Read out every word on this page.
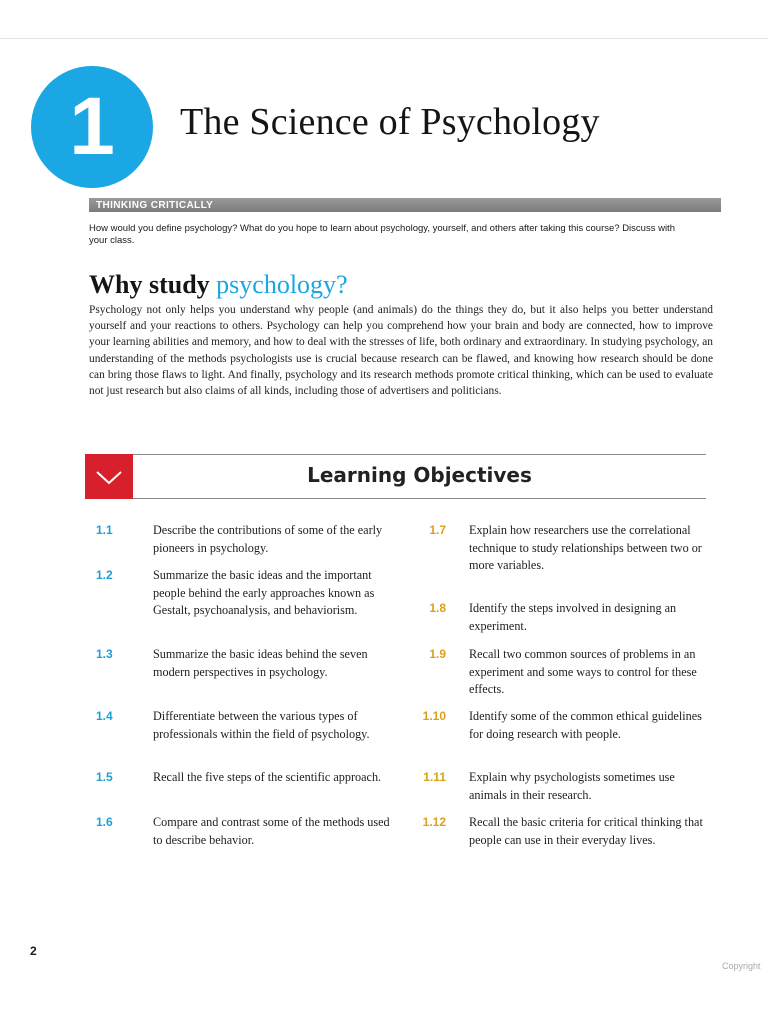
1 The Science of Psychology
THINKING CRITICALLY

How would you define psychology? What do you hope to learn about psychology, yourself, and others after taking this course? Discuss with your class.

Why study psychology?

Psychology not only helps you understand why people (and animals) do the things they do, but it also helps you better understand yourself and your reactions to others. Psychology can help you comprehend how your brain and body are connected, how to improve your learning abilities and memory, and how to deal with the stresses of life, both ordinary and extraordinary. In studying psychology, an understanding of the methods psychologists use is crucial because research can be flawed, and knowing how research should be done can bring those flaws to light. And finally, psychology and its research methods promote critical thinking, which can be used to evaluate not just research but also claims of all kinds, including those of advertisers and politicians.

Learning Objectives
1.1	Describe the contributions of some of the early pioneers in psychology.
1.2	Summarize the basic ideas and the important people behind the early approaches known as Gestalt, psychoanalysis, and behaviorism.
1.3	Summarize the basic ideas behind the seven modern perspectives in psychology.
1.4	Differentiate between the various types of professionals within the field of psychology.
1.5	Recall the five steps of the scientific approach.
1.6	Compare and contrast some of the methods used to describe behavior.
1.7	Explain how researchers use the correlational technique to study relationships between two or more variables.
1.8	Identify the steps involved in designing an experiment.
1.9	Recall two common sources of problems in an experiment and some ways to control for these effects.
1.10	Identify some of the common ethical guidelines for doing research with people.
1.11	Explain why psychologists sometimes use animals in their research.
1.12	Recall the basic criteria for critical thinking that people can use in their everyday lives.
2
Copyright
